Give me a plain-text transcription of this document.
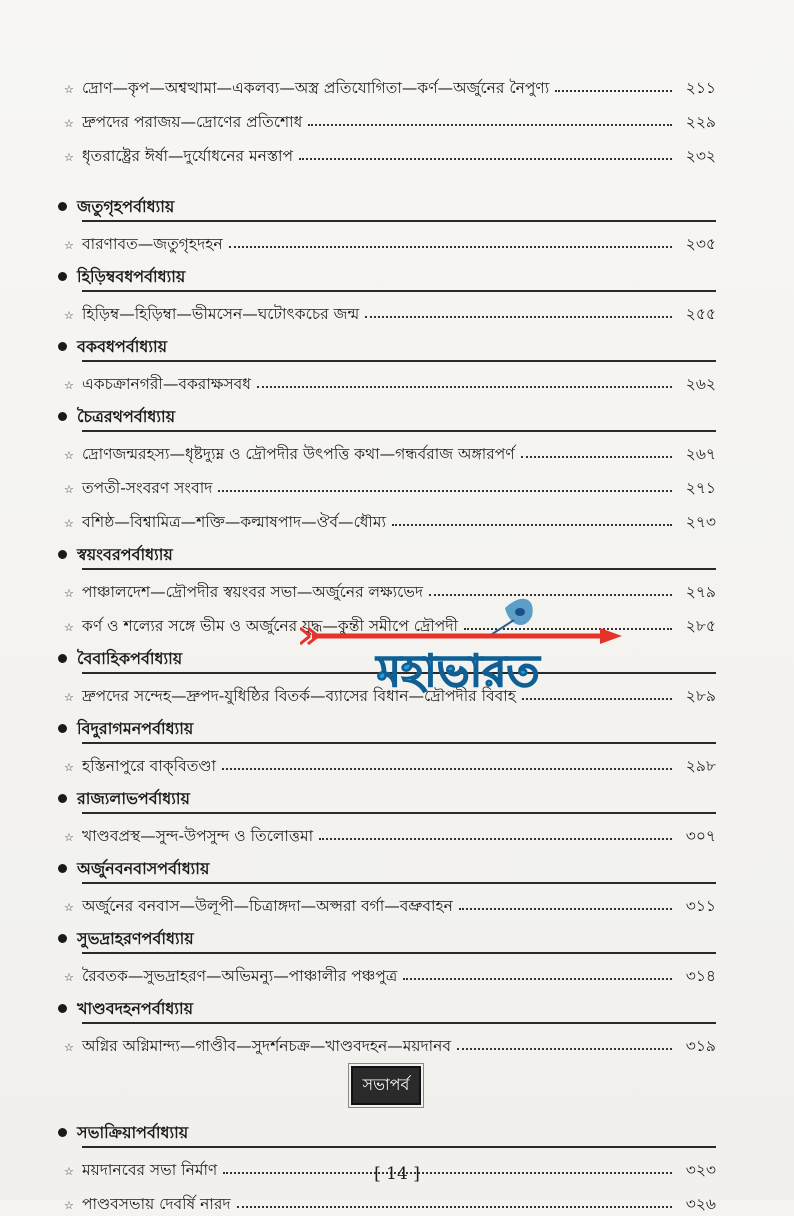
☆ দ্রোণ—কৃপ—অশ্বত্থামা—একলব্য—অস্ত্র প্রতিযোগিতা—কর্ণ—অর্জুনের নৈপুণ্য	২১১
☆ দ্রুপদের পরাজয়—দ্রোণের প্রতিশোধ	২২৯
☆ ধৃতরাষ্ট্রের ঈর্ষা—দুর্যোধনের মনস্তাপ	২৩২
জতুগৃহপর্বাধ্যায়
☆ বারণাবত—জতুগৃহদহন	২৩৫
হিড়িম্ববধপর্বাধ্যায়
☆ হিড়িম্ব—হিড়িম্বা—ভীমসেন—ঘটোৎকচের জন্ম	২৫৫
বকবধপর্বাধ্যায়
☆ একচক্রানগরী—বকরাক্ষসবধ	২৬২
চৈত্ররথপর্বাধ্যায়
☆ দ্রোণজন্মরহস্য—ধৃষ্টদ্যুম্ন ও দ্রৌপদীর উৎপত্তি কথা—গন্ধর্বরাজ অঙ্গারপর্ণ	২৬৭
☆ তপতী-সংবরণ সংবাদ	২৭১
☆ বশিষ্ঠ—বিশ্বামিত্র—শক্তি—কল্মাষপাদ—ঔর্ব—ধৌম্য	২৭৩
স্বয়ংবরপর্বাধ্যায়
☆ পাঞ্চালদেশ—দ্রৌপদীর স্বয়ংবর সভা—অর্জুনের লক্ষ্যভেদ	২৭৯
☆ কর্ণ ও শল্যের সঙ্গে ভীম ও অর্জুনের যুদ্ধ—কুন্তী সমীপে দ্রৌপদী	২৮৫
বৈবাহিকপর্বাধ্যায়
☆ দ্রুপদের সন্দেহ—দ্রুপদ-যুধিষ্ঠির বিতর্ক—ব্যাসের বিধান—দ্রৌপদীর বিবাহ	২৮৯
বিদুরাগমনপর্বাধ্যায়
☆ হস্তিনাপুরে বাক্‌বিতণ্ডা	২৯৮
রাজ্যলাভপর্বাধ্যায়
☆ খাণ্ডবপ্রস্থ—সুন্দ-উপসুন্দ ও তিলোত্তমা	৩০৭
অর্জুনবনবাসপর্বাধ্যায়
☆ অর্জুনের বনবাস—উলূপী—চিত্রাঙ্গদা—অপ্সরা বর্গা—বভ্রুবাহন	৩১১
সুভদ্রাহরণপর্বাধ্যায়
☆ রৈবতক—সুভদ্রাহরণ—অভিমন্যু—পাঞ্চালীর পঞ্চপুত্র	৩১৪
খাণ্ডবদহনপর্বাধ্যায়
☆ অগ্নির অগ্নিমান্দ্য—গাণ্ডীব—সুদর্শনচক্র—খাণ্ডবদহন—ময়দানব	৩১৯
সভাপর্ব
সভাক্রিয়াপর্বাধ্যায়
☆ ময়দানবের সভা নির্মাণ	৩২৩
☆ পাণ্ডবসভায় দেবর্ষি নারদ	৩২৬
মহাভারত
[ 14 ]
